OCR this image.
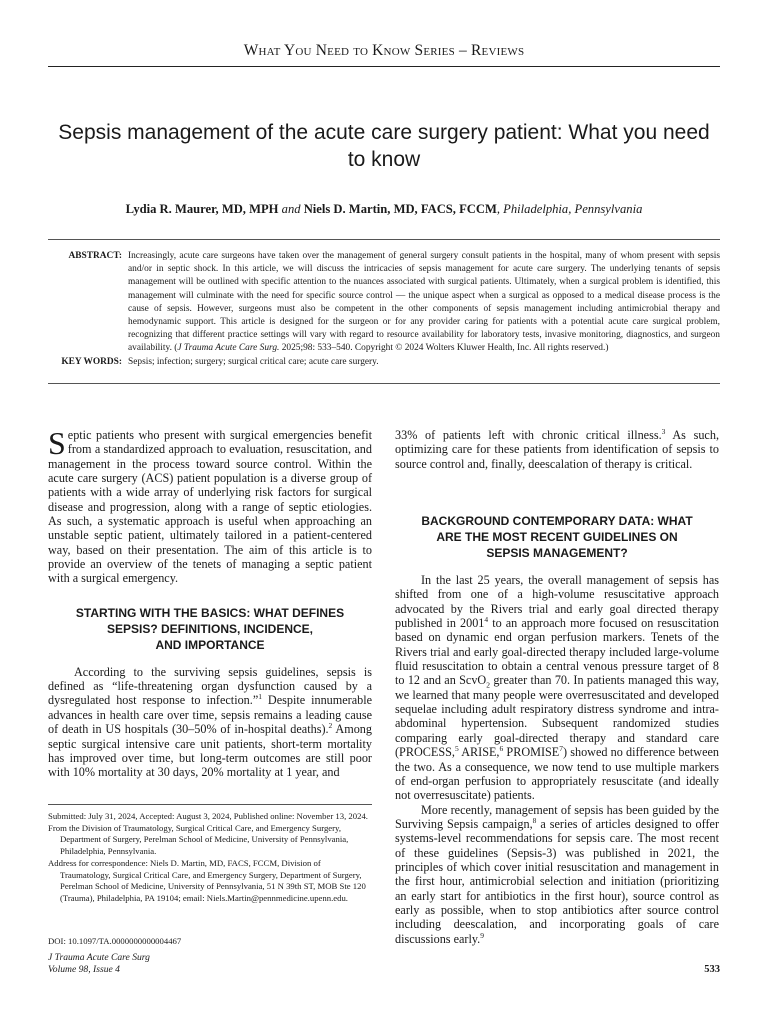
What You Need to Know Series – Reviews
Sepsis management of the acute care surgery patient: What you need to know
Lydia R. Maurer, MD, MPH and Niels D. Martin, MD, FACS, FCCM, Philadelphia, Pennsylvania
ABSTRACT: Increasingly, acute care surgeons have taken over the management of general surgery consult patients in the hospital, many of whom present with sepsis and/or in septic shock. In this article, we will discuss the intricacies of sepsis management for acute care surgery. The underlying tenants of sepsis management will be outlined with specific attention to the nuances associated with surgical patients. Ultimately, when a surgical problem is identified, this management will culminate with the need for specific source control — the unique aspect when a surgical as opposed to a medical disease process is the cause of sepsis. However, surgeons must also be competent in the other components of sepsis management including antimicrobial therapy and hemodynamic support. This article is designed for the surgeon or for any provider caring for patients with a potential acute care surgical problem, recognizing that different practice settings will vary with regard to resource availability for laboratory tests, invasive monitoring, diagnostics, and surgeon availability. (J Trauma Acute Care Surg. 2025;98: 533–540. Copyright © 2024 Wolters Kluwer Health, Inc. All rights reserved.)
KEY WORDS: Sepsis; infection; surgery; surgical critical care; acute care surgery.

Septic patients who present with surgical emergencies benefit from a standardized approach to evaluation, resuscitation, and management in the process toward source control. Within the acute care surgery (ACS) patient population is a diverse group of patients with a wide array of underlying risk factors for surgical disease and progression, along with a range of septic etiologies. As such, a systematic approach is useful when approaching an unstable septic patient, ultimately tailored in a patient-centered way, based on their presentation. The aim of this article is to provide an overview of the tenets of managing a septic patient with a surgical emergency.

STARTING WITH THE BASICS: WHAT DEFINES
SEPSIS? DEFINITIONS, INCIDENCE,
AND IMPORTANCE

According to the surviving sepsis guidelines, sepsis is defined as “life-threatening organ dysfunction caused by a dysregulated host response to infection.”$^1$ Despite innumerable advances in health care over time, sepsis remains a leading cause of death in US hospitals (30–50% of in-hospital deaths).$^2$ Among septic surgical intensive care unit patients, short-term mortality has improved over time, but long-term outcomes are still poor with 10% mortality at 30 days, 20% mortality at 1 year, and

33% of patients left with chronic critical illness.$^3$ As such, optimizing care for these patients from identification of sepsis to source control and, finally, deescalation of therapy is critical.

BACKGROUND CONTEMPORARY DATA: WHAT
ARE THE MOST RECENT GUIDELINES ON
SEPSIS MANAGEMENT?

In the last 25 years, the overall management of sepsis has shifted from one of a high-volume resuscitative approach advocated by the Rivers trial and early goal directed therapy published in 2001$^4$ to an approach more focused on resuscitation based on dynamic end organ perfusion markers. Tenets of the Rivers trial and early goal-directed therapy included large-volume fluid resuscitation to obtain a central venous pressure target of 8 to 12 and an ScvO$_2$ greater than 70. In patients managed this way, we learned that many people were overresuscitated and developed sequelae including adult respiratory distress syndrome and intra-abdominal hypertension. Subsequent randomized studies comparing early goal-directed therapy and standard care (PROCESS,$^5$ ARISE,$^6$ PROMISE$^7$) showed no difference between the two. As a consequence, we now tend to use multiple markers of end-organ perfusion to appropriately resuscitate (and ideally not overresuscitate) patients.

More recently, management of sepsis has been guided by the Surviving Sepsis campaign,$^8$ a series of articles designed to offer systems-level recommendations for sepsis care. The most recent of these guidelines (Sepsis-3) was published in 2021, the principles of which cover initial resuscitation and management in the first hour, antimicrobial selection and initiation (prioritizing an early start for antibiotics in the first hour), source control as early as possible, when to stop antibiotics after source control including deescalation, and incorporating goals of care discussions early.$^9$

Submitted: July 31, 2024, Accepted: August 3, 2024, Published online: November 13, 2024.

From the Division of Traumatology, Surgical Critical Care, and Emergency Surgery, Department of Surgery, Perelman School of Medicine, University of Pennsylvania, Philadelphia, Pennsylvania.

Address for correspondence: Niels D. Martin, MD, FACS, FCCM, Division of Traumatology, Surgical Critical Care, and Emergency Surgery, Department of Surgery, Perelman School of Medicine, University of Pennsylvania, 51 N 39th ST, MOB Ste 120 (Trauma), Philadelphia, PA 19104; email: Niels.Martin@pennmedicine.upenn.edu.

DOI: 10.1097/TA.0000000000004467
J Trauma Acute Care Surg
Volume 98, Issue 4	533
